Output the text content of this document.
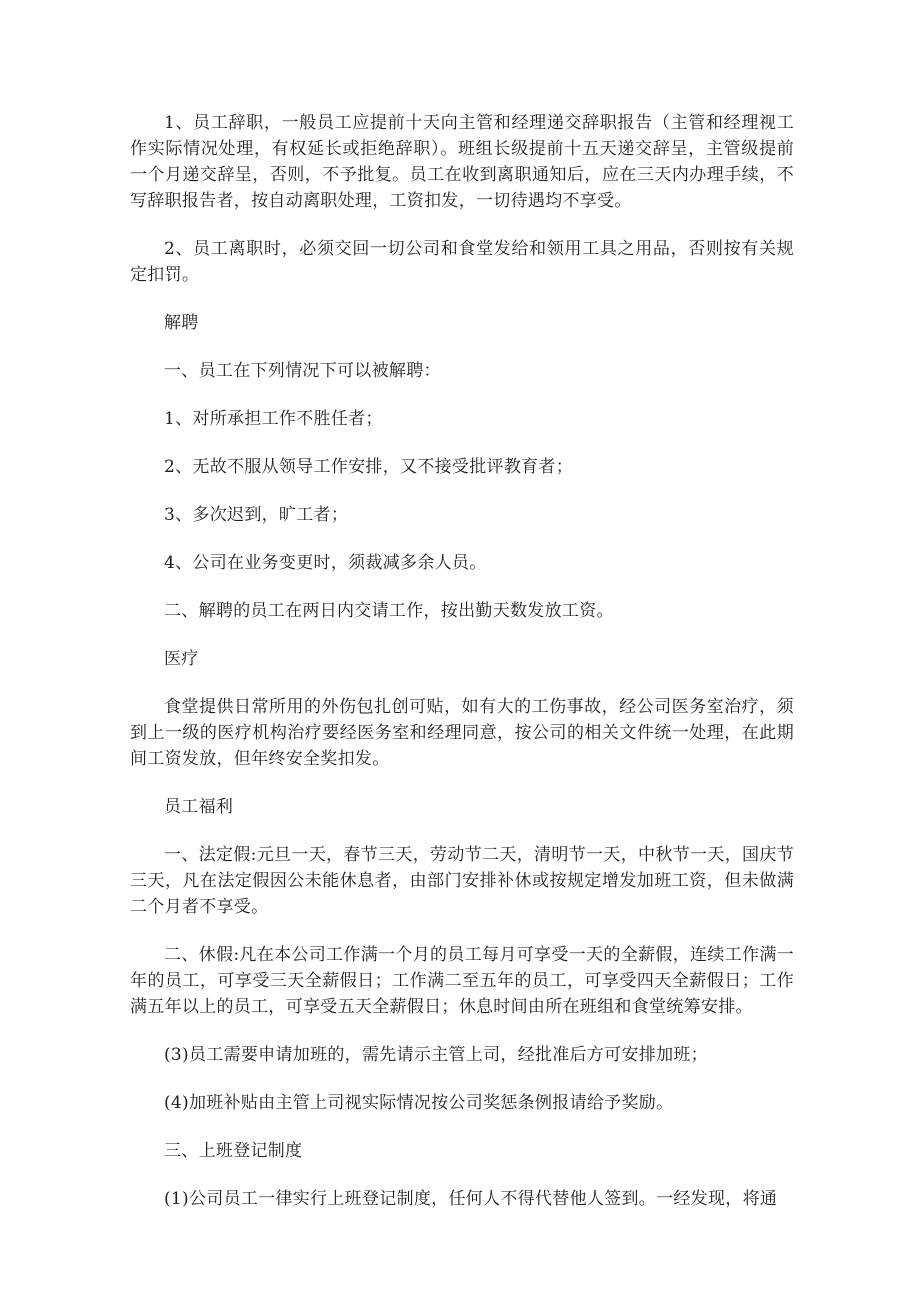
1、员工辞职，一般员工应提前十天向主管和经理递交辞职报告（主管和经理视工作实际情况处理，有权延长或拒绝辞职）。班组长级提前十五天递交辞呈，主管级提前一个月递交辞呈，否则，不予批复。员工在收到离职通知后，应在三天内办理手续，不写辞职报告者，按自动离职处理，工资扣发，一切待遇均不享受。

2、员工离职时，必须交回一切公司和食堂发给和领用工具之用品，否则按有关规定扣罚。

解聘

一、员工在下列情况下可以被解聘：

1、对所承担工作不胜任者；

2、无故不服从领导工作安排，又不接受批评教育者；

3、多次迟到，旷工者；

4、公司在业务变更时，须裁减多余人员。

二、解聘的员工在两日内交请工作，按出勤天数发放工资。

医疗

食堂提供日常所用的外伤包扎创可贴，如有大的工伤事故，经公司医务室治疗，须到上一级的医疗机构治疗要经医务室和经理同意，按公司的相关文件统一处理，在此期间工资发放，但年终安全奖扣发。

员工福利

一、法定假:元旦一天，春节三天，劳动节二天，清明节一天，中秋节一天，国庆节三天，凡在法定假因公未能休息者，由部门安排补休或按规定增发加班工资，但未做满二个月者不享受。

二、休假:凡在本公司工作满一个月的员工每月可享受一天的全薪假，连续工作满一年的员工，可享受三天全薪假日；工作满二至五年的员工，可享受四天全薪假日；工作满五年以上的员工，可享受五天全薪假日；休息时间由所在班组和食堂统筹安排。

(3)员工需要申请加班的，需先请示主管上司，经批准后方可安排加班；

(4)加班补贴由主管上司视实际情况按公司奖惩条例报请给予奖励。

三、上班登记制度

(1)公司员工一律实行上班登记制度，任何人不得代替他人签到。一经发现，将通
